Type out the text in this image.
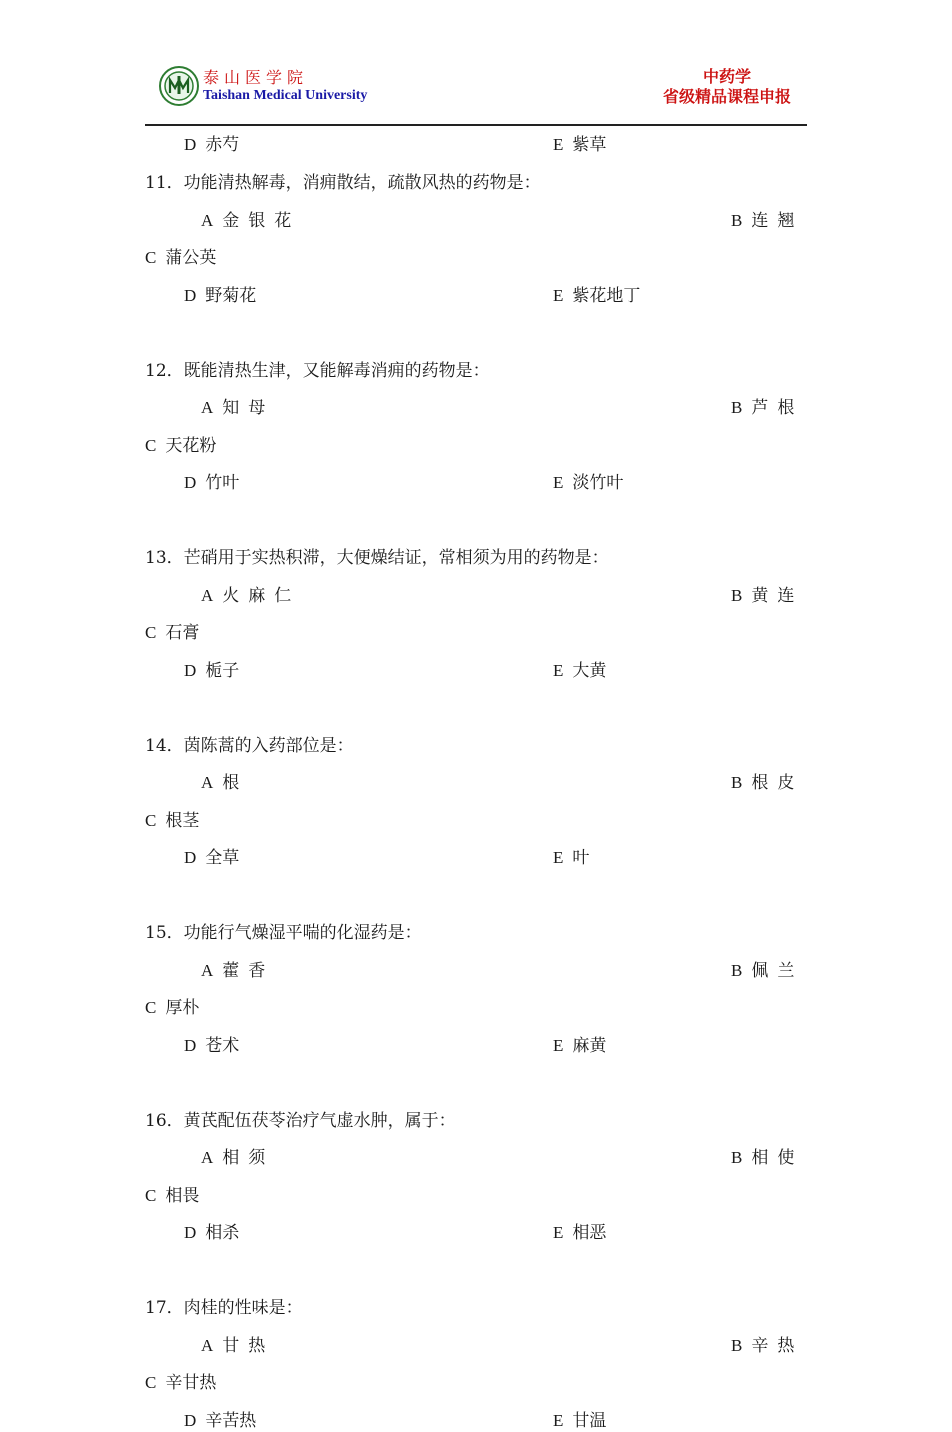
泰山医学院
Taishan Medical University
中药学
省级精品课程申报
D 赤芍	E 紫草
11．功能清热解毒，消痈散结，疏散风热的药物是：
A 金银花	B 连翘
C 蒲公英
D 野菊花	E 紫花地丁
12．既能清热生津，又能解毒消痈的药物是：
A 知母	B 芦根
C 天花粉
D 竹叶	E 淡竹叶
13．芒硝用于实热积滞，大便燥结证，常相须为用的药物是：
A 火麻仁	B 黄连
C 石膏
D 栀子	E 大黄
14．茵陈蒿的入药部位是：
A 根	B 根皮
C 根茎
D 全草	E 叶
15．功能行气燥湿平喘的化湿药是：
A 藿香	B 佩兰
C 厚朴
D 苍术	E 麻黄
16．黄芪配伍茯苓治疗气虚水肿，属于：
A 相须	B 相使
C 相畏
D 相杀	E 相恶
17．肉桂的性味是：
A 甘热	B 辛热
C 辛甘热
D 辛苦热	E 甘温
